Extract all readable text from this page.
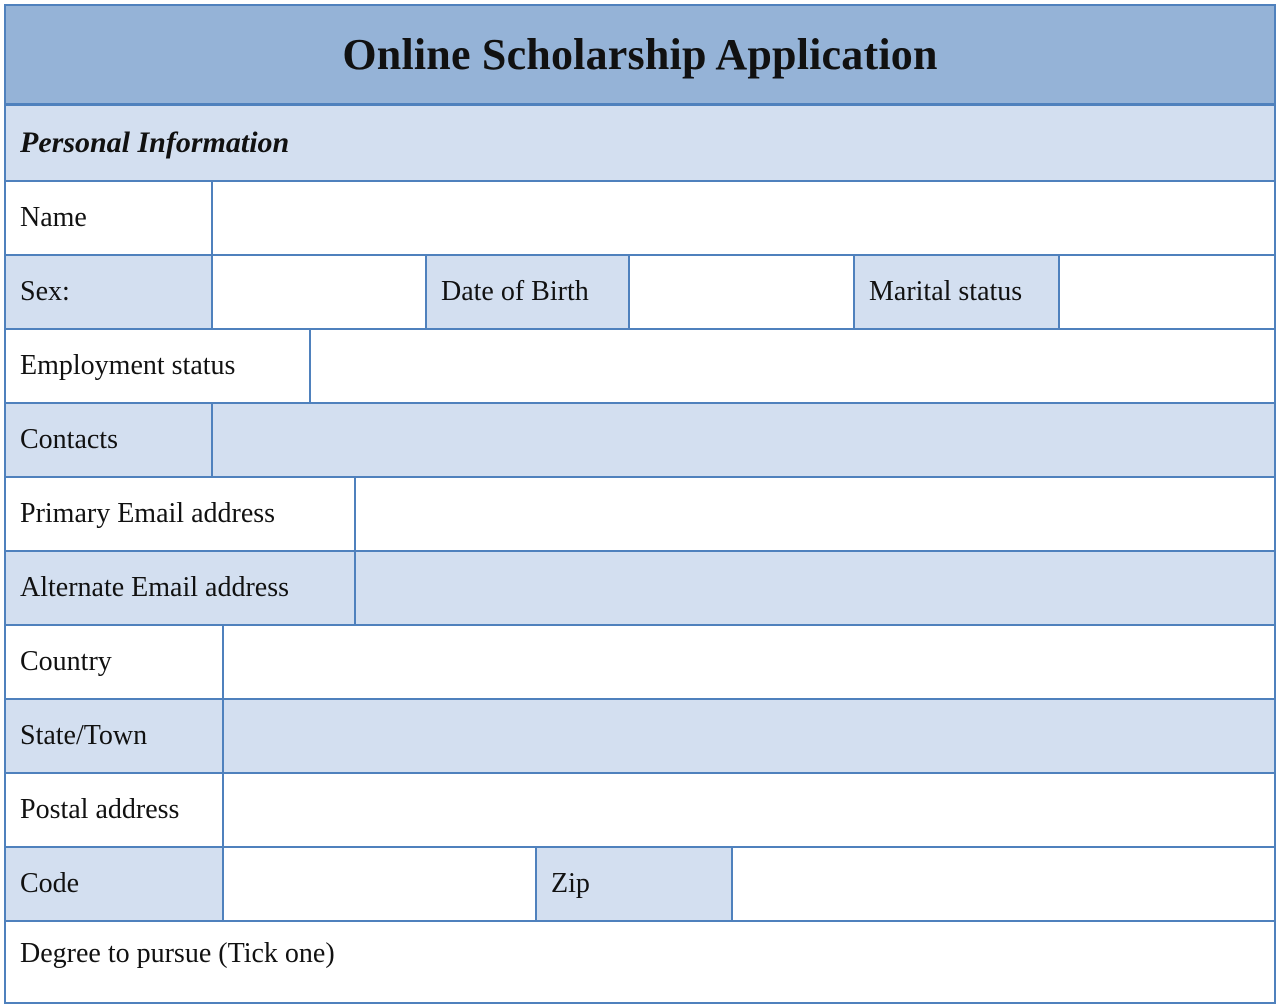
Online Scholarship Application
Personal Information
Name
Sex:	Date of Birth	Marital status
Employment status
Contacts
Primary Email address
Alternate Email address
Country
State/Town
Postal address
Code	Zip
Degree to pursue (Tick one)
